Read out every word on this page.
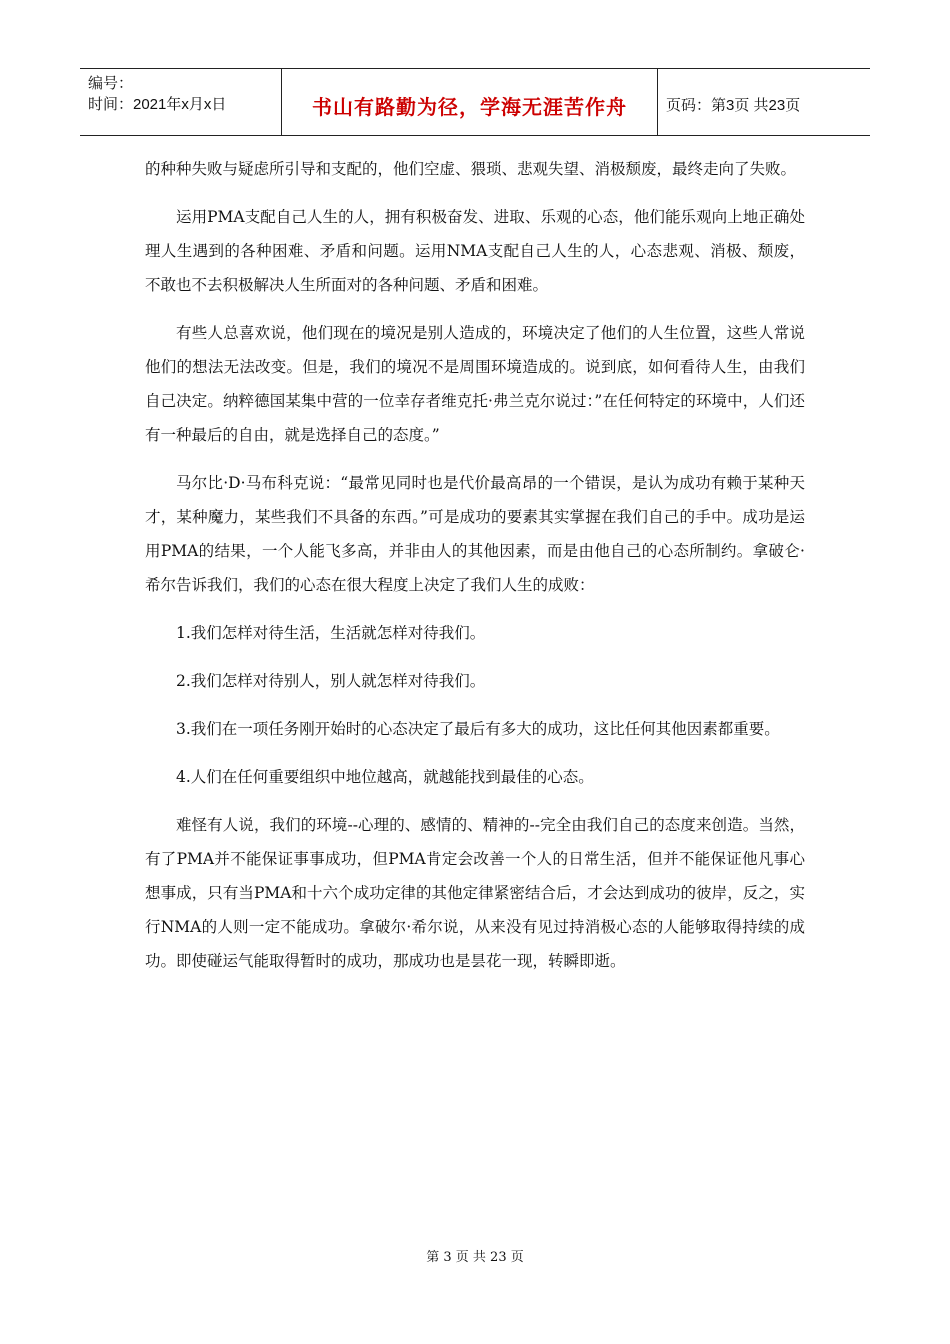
编号：
时间：2021年x月x日	书山有路勤为径，学海无涯苦作舟	页码：第3页 共23页

的种种失败与疑虑所引导和支配的，他们空虚、猥琐、悲观失望、消极颓废，最终走向了失败。

运用PMA支配自己人生的人，拥有积极奋发、进取、乐观的心态，他们能乐观向上地正确处理人生遇到的各种困难、矛盾和问题。运用NMA支配自己人生的人，心态悲观、消极、颓废，不敢也不去积极解决人生所面对的各种问题、矛盾和困难。

有些人总喜欢说，他们现在的境况是别人造成的，环境决定了他们的人生位置，这些人常说他们的想法无法改变。但是，我们的境况不是周围环境造成的。说到底，如何看待人生，由我们自己决定。纳粹德国某集中营的一位幸存者维克托·弗兰克尔说过：”在任何特定的环境中，人们还有一种最后的自由，就是选择自己的态度。”

马尔比·D·马布科克说：“最常见同时也是代价最高昂的一个错误，是认为成功有赖于某种天才，某种魔力，某些我们不具备的东西。”可是成功的要素其实掌握在我们自己的手中。成功是运用PMA的结果，一个人能飞多高，并非由人的其他因素，而是由他自己的心态所制约。拿破仑·希尔告诉我们，我们的心态在很大程度上决定了我们人生的成败：

1.我们怎样对待生活，生活就怎样对待我们。

2.我们怎样对待别人，别人就怎样对待我们。

3.我们在一项任务刚开始时的心态决定了最后有多大的成功，这比任何其他因素都重要。

4.人们在任何重要组织中地位越高，就越能找到最佳的心态。

难怪有人说，我们的环境--心理的、感情的、精神的--完全由我们自己的态度来创造。当然，有了PMA并不能保证事事成功，但PMA肯定会改善一个人的日常生活，但并不能保证他凡事心想事成，只有当PMA和十六个成功定律的其他定律紧密结合后，才会达到成功的彼岸，反之，实行NMA的人则一定不能成功。拿破尔·希尔说，从来没有见过持消极心态的人能够取得持续的成功。即使碰运气能取得暂时的成功，那成功也是昙花一现，转瞬即逝。

第 3 页 共 23 页
